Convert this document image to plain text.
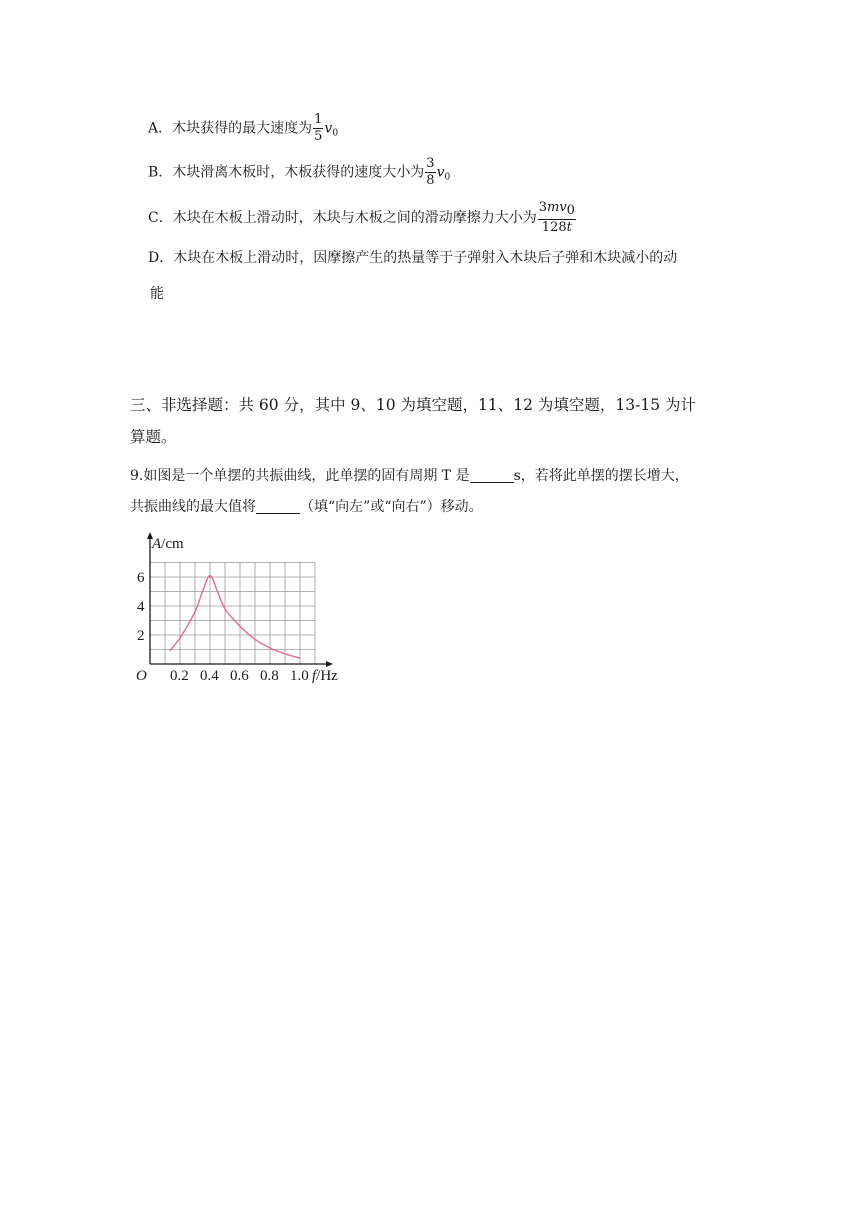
A．木块获得的最大速度为 $\frac{1}{5} v_0$
B．木块滑离木板时，木板获得的速度大小为 $\frac{3}{8} v_0$
C．木块在木板上滑动时，木块与木板之间的滑动摩擦力大小为 $\frac{3mv0}{128t}$
D．木块在木板上滑动时，因摩擦产生的热量等于子弹射入木块后子弹和木块减小的动
能
三、非选择题：共 60 分，其中 9、10 为填空题，11、12 为填空题，13-15 为计
算题。
9.如图是一个单摆的共振曲线，此单摆的固有周期 T 是	s，若将此单摆的摆长增大，
共振曲线的最大值将	（填“向左”或“向右”）移动。
0.2 0.4 0.6 0.8 1.0
2
4
6
A/cm
f/Hz
O
